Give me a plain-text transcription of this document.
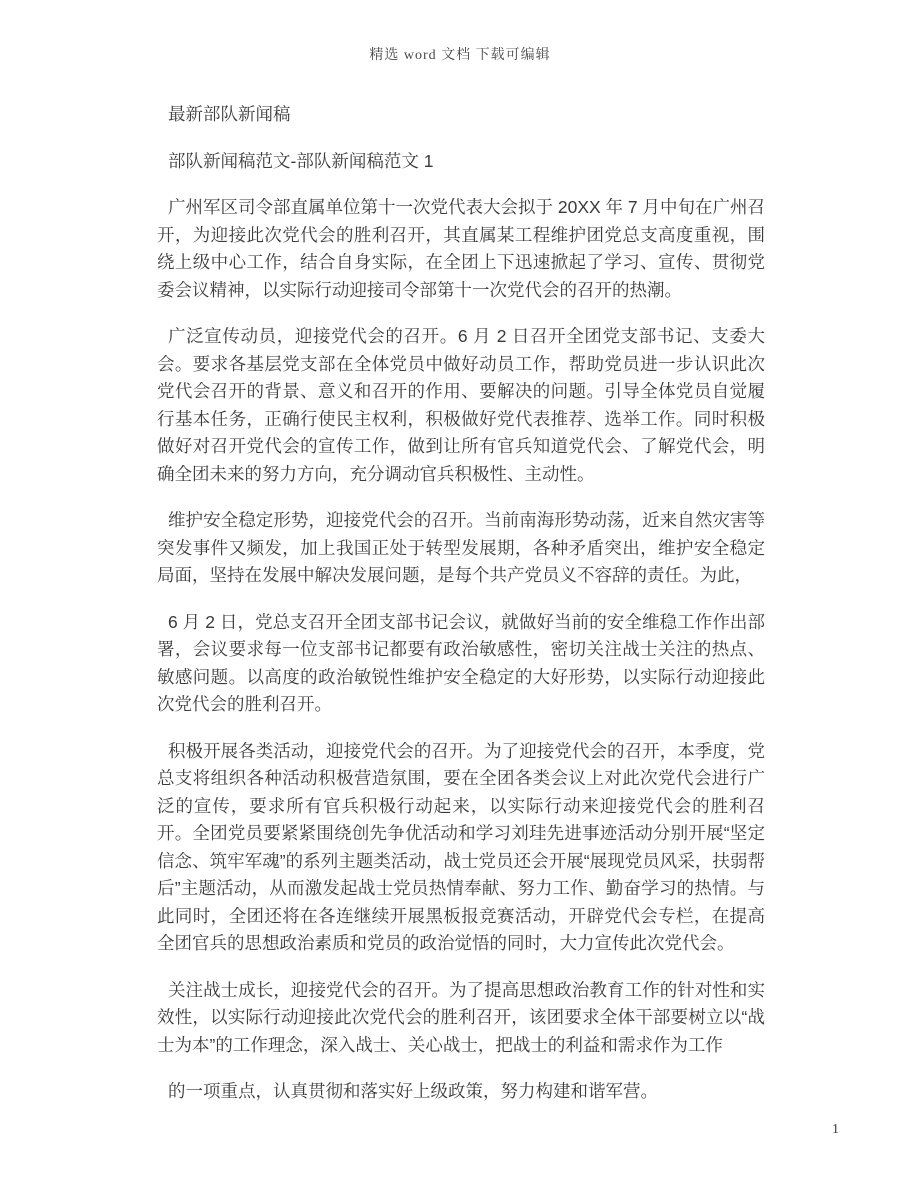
精选 word 文档 下载可编辑

最新部队新闻稿

部队新闻稿范文-部队新闻稿范文 1

广州军区司令部直属单位第十一次党代表大会拟于 20XX 年 7 月中旬在广州召开，为迎接此次党代会的胜利召开，其直属某工程维护团党总支高度重视，围绕上级中心工作，结合自身实际，在全团上下迅速掀起了学习、宣传、贯彻党委会议精神，以实际行动迎接司令部第十一次党代会的召开的热潮。

广泛宣传动员，迎接党代会的召开。6 月 2 日召开全团党支部书记、支委大会。要求各基层党支部在全体党员中做好动员工作，帮助党员进一步认识此次党代会召开的背景、意义和召开的作用、要解决的问题。引导全体党员自觉履行基本任务，正确行使民主权利，积极做好党代表推荐、选举工作。同时积极做好对召开党代会的宣传工作，做到让所有官兵知道党代会、了解党代会，明确全团未来的努力方向，充分调动官兵积极性、主动性。

维护安全稳定形势，迎接党代会的召开。当前南海形势动荡，近来自然灾害等突发事件又频发，加上我国正处于转型发展期，各种矛盾突出，维护安全稳定局面，坚持在发展中解决发展问题，是每个共产党员义不容辞的责任。为此，

6 月 2 日，党总支召开全团支部书记会议，就做好当前的安全维稳工作作出部署，会议要求每一位支部书记都要有政治敏感性，密切关注战士关注的热点、敏感问题。以高度的政治敏锐性维护安全稳定的大好形势，以实际行动迎接此次党代会的胜利召开。

积极开展各类活动，迎接党代会的召开。为了迎接党代会的召开，本季度，党总支将组织各种活动积极营造氛围，要在全团各类会议上对此次党代会进行广泛的宣传，要求所有官兵积极行动起来，以实际行动来迎接党代会的胜利召开。全团党员要紧紧围绕创先争优活动和学习刘珪先进事迹活动分别开展“坚定信念、筑牢军魂”的系列主题类活动，战士党员还会开展“展现党员风采，扶弱帮后”主题活动，从而激发起战士党员热情奉献、努力工作、勤奋学习的热情。与此同时，全团还将在各连继续开展黑板报竞赛活动，开辟党代会专栏，在提高全团官兵的思想政治素质和党员的政治觉悟的同时，大力宣传此次党代会。

关注战士成长，迎接党代会的召开。为了提高思想政治教育工作的针对性和实效性，以实际行动迎接此次党代会的胜利召开，该团要求全体干部要树立以“战士为本”的工作理念，深入战士、关心战士，把战士的利益和需求作为工作

的一项重点，认真贯彻和落实好上级政策，努力构建和谐军营。

1
